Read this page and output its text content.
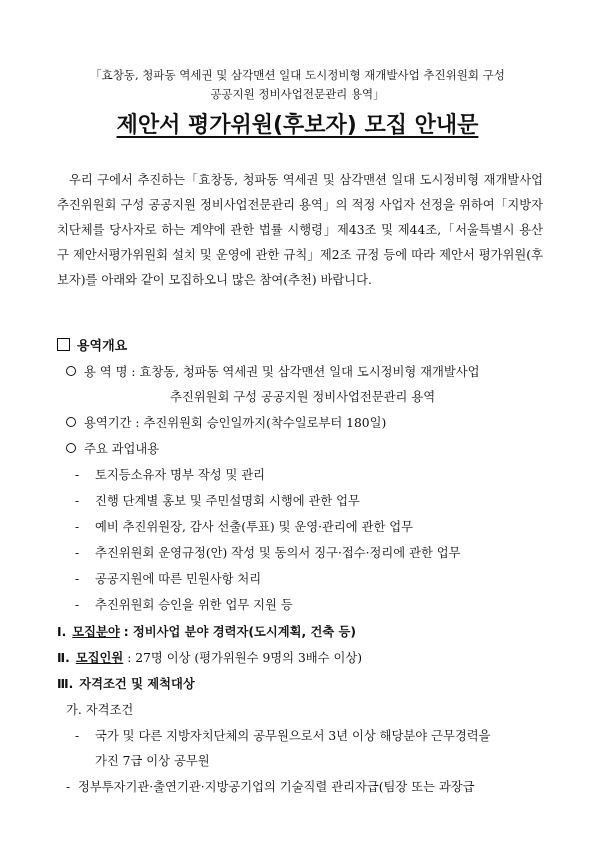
「효창동, 청파동 역세권 및 삼각맨션 일대 도시정비형 재개발사업 추진위원회 구성
공공지원 정비사업전문관리 용역」
제안서 평가위원(후보자) 모집 안내문

우리 구에서 추진하는「효창동, 청파동 역세권 및 삼각맨션 일대 도시정비형 재개발사업 추진위원회 구성 공공지원 정비사업전문관리 용역」의 적정 사업자 선정을 위하여「지방자치단체를 당사자로 하는 계약에 관한 법률 시행령」제43조 및 제44조,「서울특별시 용산구 제안서평가위원회 설치 및 운영에 관한 규칙」제2조 규정 등에 따라 제안서 평가위원(후보자)를 아래와 같이 모집하오니 많은 참여(추천) 바랍니다.

용역개요
용 역 명 : 효창동, 청파동 역세권 및 삼각맨션 일대 도시정비형 재개발사업
추진위원회 구성 공공지원 정비사업전문관리 용역
용역기간 : 추진위원회 승인일까지(착수일로부터 180일)
주요 과업내용
- 토지등소유자 명부 작성 및 관리
- 진행 단계별 홍보 및 주민설명회 시행에 관한 업무
- 예비 추진위원장, 감사 선출(투표) 및 운영·관리에 관한 업무
- 추진위원회 운영규정(안) 작성 및 동의서 징구·접수·정리에 관한 업무
- 공공지원에 따른 민원사항 처리
- 추진위원회 승인을 위한 업무 지원 등
Ⅰ. 모집분야 : 정비사업 분야 경력자(도시계획, 건축 등)
Ⅱ. 모집인원 : 27명 이상 (평가위원수 9명의 3배수 이상)
Ⅲ. 자격조건 및 제척대상
가. 자격조건
- 국가 및 다른 지방자치단체의 공무원으로서 3년 이상 해당분야 근무경력을
가진 7급 이상 공무원
- 정부투자기관·출연기관·지방공기업의 기술직렬 관리자급(팀장 또는 과장급
